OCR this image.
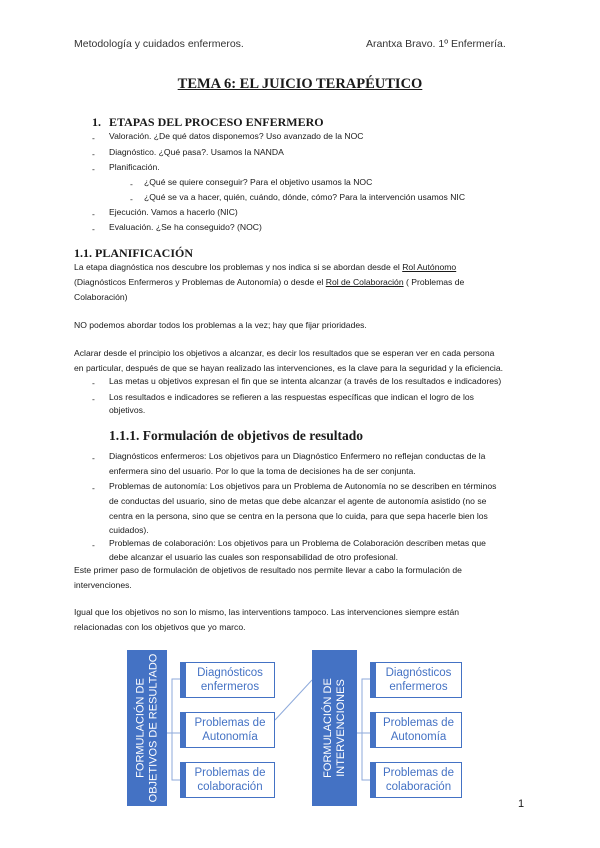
Metodología y cuidados enfermeros.	Arantxa Bravo. 1º Enfermería.
TEMA 6: EL JUICIO TERAPÉUTICO
1. ETAPAS DEL PROCESO ENFERMERO
- Valoración. ¿De qué datos disponemos? Uso avanzado de la NOC
- Diagnóstico. ¿Qué pasa?. Usamos la NANDA
- Planificación.
- ¿Qué se quiere conseguir? Para el objetivo usamos la NOC
- ¿Qué se va a hacer, quién, cuándo, dónde, cómo? Para la intervención usamos NIC
- Ejecución. Vamos a hacerlo (NIC)
- Evaluación. ¿Se ha conseguido? (NOC)
1.1. PLANIFICACIÓN
La etapa diagnóstica nos descubre los problemas y nos indica si se abordan desde el Rol Autónomo
(Diagnósticos Enfermeros y Problemas de Autonomía) o desde el Rol de Colaboración ( Problemas de
Colaboración)
NO podemos abordar todos los problemas a la vez; hay que fijar prioridades.
Aclarar desde el principio los objetivos a alcanzar, es decir los resultados que se esperan ver en cada persona
en particular, después de que se hayan realizado las intervenciones, es la clave para la seguridad y la eficiencia.
- Las metas u objetivos expresan el fin que se intenta alcanzar (a través de los resultados e indicadores)
- Los resultados e indicadores se refieren a las respuestas específicas que indican el logro de los
objetivos.
1.1.1. Formulación de objetivos de resultado
- Diagnósticos enfermeros: Los objetivos para un Diagnóstico Enfermero no reflejan conductas de la
enfermera sino del usuario. Por lo que la toma de decisiones ha de ser conjunta.
- Problemas de autonomía: Los objetivos para un Problema de Autonomía no se describen en términos
de conductas del usuario, sino de metas que debe alcanzar el agente de autonomía asistido (no se
centra en la persona, sino que se centra en la persona que lo cuida, para que sepa hacerle bien los
cuidados).
- Problemas de colaboración: Los objetivos para un Problema de Colaboración describen metas que
debe alcanzar el usuario las cuales son responsabilidad de otro profesional.
Este primer paso de formulación de objetivos de resultado nos permite llevar a cabo la formulación de
intervenciones.
Igual que los objetivos no son lo mismo, las interventions tampoco. Las intervenciones siempre están
relacionadas con los objetivos que yo marco.
FORMULACIÓN DE
OBJETIVOS DE RESULTADO	Diagnósticos
enfermeros
Problemas de
Autonomía
Problemas de
colaboración
FORMULACIÓN DE
INTERVENCIONES
Diagnósticos
enfermeros
Problemas de
Autonomía
Problemas de
colaboración
1
